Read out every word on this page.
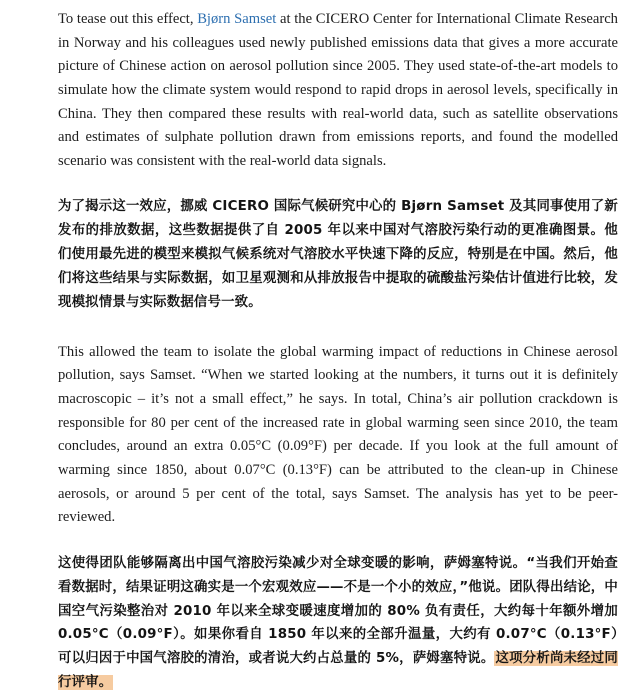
To tease out this effect, Bjørn Samset at the CICERO Center for International Climate Research in Norway and his colleagues used newly published emissions data that gives a more accurate picture of Chinese action on aerosol pollution since 2005. They used state-of-the-art models to simulate how the climate system would respond to rapid drops in aerosol levels, specifically in China. They then compared these results with real-world data, such as satellite observations and estimates of sulphate pollution drawn from emissions reports, and found the modelled scenario was consistent with the real-world data signals.

为了揭示这一效应，挪威 CICERO 国际气候研究中心的 Bjørn Samset 及其同事使用了新发布的排放数据，这些数据提供了自 2005 年以来中国对气溶胶污染行动的更准确图景。他们使用最先进的模型来模拟气候系统对气溶胶水平快速下降的反应，特别是在中国。然后，他们将这些结果与实际数据，如卫星观测和从排放报告中提取的硫酸盐污染估计值进行比较，发现模拟情景与实际数据信号一致。

This allowed the team to isolate the global warming impact of reductions in Chinese aerosol pollution, says Samset. “When we started looking at the numbers, it turns out it is definitely macroscopic – it’s not a small effect,” he says. In total, China’s air pollution crackdown is responsible for 80 per cent of the increased rate in global warming seen since 2010, the team concludes, around an extra 0.05°C (0.09°F) per decade. If you look at the full amount of warming since 1850, about 0.07°C (0.13°F) can be attributed to the clean-up in Chinese aerosols, or around 5 per cent of the total, says Samset. The analysis has yet to be peer-reviewed.

这使得团队能够隔离出中国气溶胶污染减少对全球变暖的影响，萨姆塞特说。“当我们开始查看数据时，结果证明这确实是一个宏观效应——不是一个小的效应，”他说。团队得出结论，中国空气污染整治对 2010 年以来全球变暖速度增加的 80% 负有责任，大约每十年额外增加 0.05°C（0.09°F）。如果你看自 1850 年以来的全部升温量，大约有 0.07°C（0.13°F）可以归因于中国气溶胶的清治，或者说大约占总量的 5%，萨姆塞特说。这项分析尚未经过同行评审。
